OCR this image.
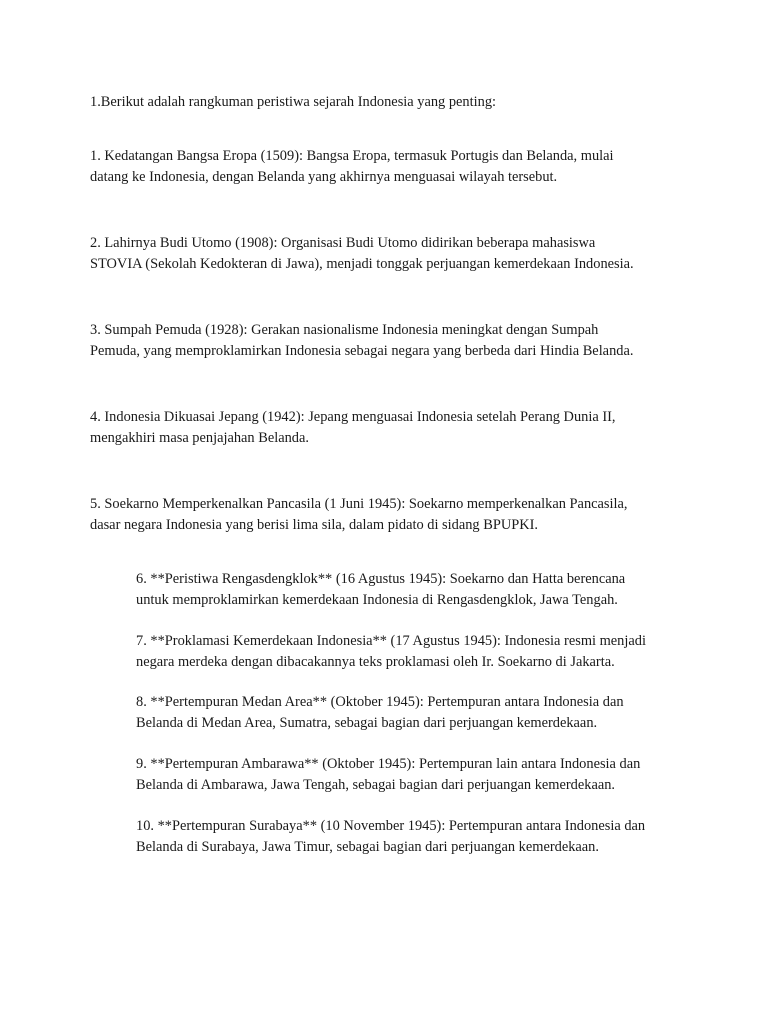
1.Berikut adalah rangkuman peristiwa sejarah Indonesia yang penting:

1. Kedatangan Bangsa Eropa (1509): Bangsa Eropa, termasuk Portugis dan Belanda, mulai
datang ke Indonesia, dengan Belanda yang akhirnya menguasai wilayah tersebut.

2. Lahirnya Budi Utomo (1908): Organisasi Budi Utomo didirikan beberapa mahasiswa
STOVIA (Sekolah Kedokteran di Jawa), menjadi tonggak perjuangan kemerdekaan Indonesia.

3. Sumpah Pemuda (1928): Gerakan nasionalisme Indonesia meningkat dengan Sumpah
Pemuda, yang memproklamirkan Indonesia sebagai negara yang berbeda dari Hindia Belanda.

4. Indonesia Dikuasai Jepang (1942): Jepang menguasai Indonesia setelah Perang Dunia II,
mengakhiri masa penjajahan Belanda.

5. Soekarno Memperkenalkan Pancasila (1 Juni 1945): Soekarno memperkenalkan Pancasila,
dasar negara Indonesia yang berisi lima sila, dalam pidato di sidang BPUPKI.

6. **Peristiwa Rengasdengklok** (16 Agustus 1945): Soekarno dan Hatta berencana
untuk memproklamirkan kemerdekaan Indonesia di Rengasdengklok, Jawa Tengah.

7. **Proklamasi Kemerdekaan Indonesia** (17 Agustus 1945): Indonesia resmi menjadi
negara merdeka dengan dibacakannya teks proklamasi oleh Ir. Soekarno di Jakarta.

8. **Pertempuran Medan Area** (Oktober 1945): Pertempuran antara Indonesia dan
Belanda di Medan Area, Sumatra, sebagai bagian dari perjuangan kemerdekaan.

9. **Pertempuran Ambarawa** (Oktober 1945): Pertempuran lain antara Indonesia dan
Belanda di Ambarawa, Jawa Tengah, sebagai bagian dari perjuangan kemerdekaan.

10. **Pertempuran Surabaya** (10 November 1945): Pertempuran antara Indonesia dan
Belanda di Surabaya, Jawa Timur, sebagai bagian dari perjuangan kemerdekaan.
